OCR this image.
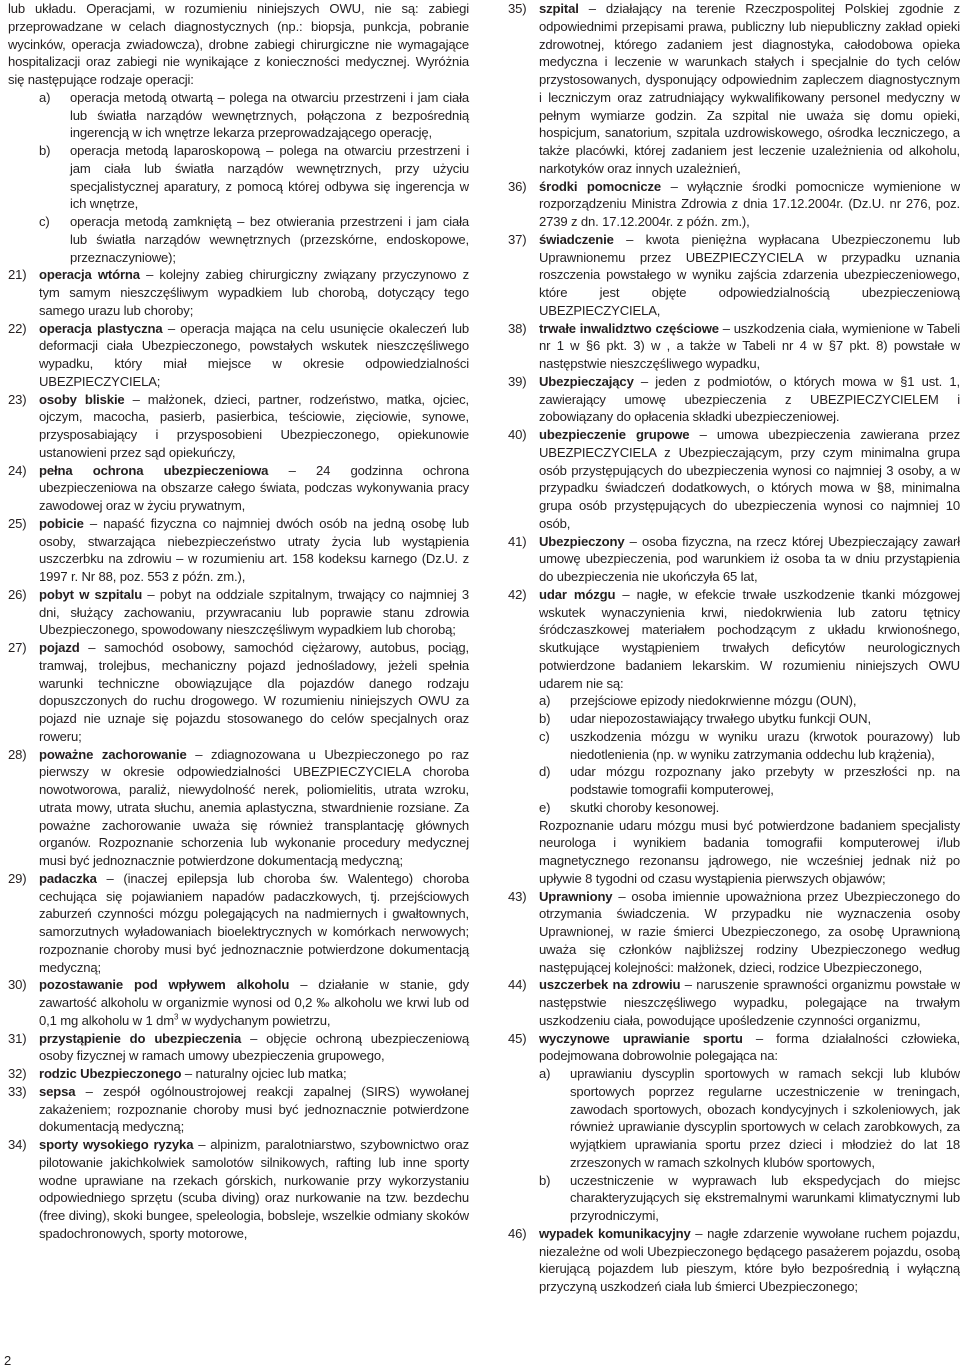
lub układu. Operacjami, w rozumieniu niniejszych OWU, nie są: zabiegi przeprowadzane w celach diagnostycznych (np.: biopsja, punkcja, pobranie wycinków, operacja zwiadowcza), drobne zabiegi chirurgiczne nie wymagające hospitalizacji oraz zabiegi nie wynikające z konieczności medycznej. Wyróżnia się następujące rodzaje operacji:

a) operacja metodą otwartą – polega na otwarciu przestrzeni i jam ciała lub światła narządów wewnętrznych, połączona z bezpośrednią ingerencją w ich wnętrze lekarza przeprowadzającego operację,

b) operacja metodą laparoskopową – polega na otwarciu przestrzeni i jam ciała lub światła narządów wewnętrznych, przy użyciu specjalistycznej aparatury, z pomocą której odbywa się ingerencja w ich wnętrze,

c) operacja metodą zamkniętą – bez otwierania przestrzeni i jam ciała lub światła narządów wewnętrznych (przezskórne, endoskopowe, przeznaczyniowe);

21) operacja wtórna – kolejny zabieg chirurgiczny związany przyczynowo z tym samym nieszczęśliwym wypadkiem lub chorobą, dotyczący tego samego urazu lub choroby;

22) operacja plastyczna – operacja mająca na celu usunięcie okaleczeń lub deformacji ciała Ubezpieczonego, powstałych wskutek nieszczęśliwego wypadku, który miał miejsce w okresie odpowiedzialności UBEZPIECZYCIELA;

23) osoby bliskie – małżonek, dzieci, partner, rodzeństwo, matka, ojciec, ojczym, macocha, pasierb, pasierbica, teściowie, zięciowie, synowe, przysposabiający i przysposobieni Ubezpieczonego, opiekunowie ustanowieni przez sąd opiekuńczy,

24) pełna ochrona ubezpieczeniowa – 24 godzinna ochrona ubezpieczeniowa na obszarze całego świata, podczas wykonywania pracy zawodowej oraz w życiu prywatnym,

25) pobicie – napaść fizyczna co najmniej dwóch osób na jedną osobę lub osoby, stwarzająca niebezpieczeństwo utraty życia lub wystąpienia uszczerbku na zdrowiu – w rozumieniu art. 158 kodeksu karnego (Dz.U. z 1997 r. Nr 88, poz. 553 z późn. zm.),

26) pobyt w szpitalu – pobyt na oddziale szpitalnym, trwający co najmniej 3 dni, służący zachowaniu, przywracaniu lub poprawie stanu zdrowia Ubezpieczonego, spowodowany nieszczęśliwym wypadkiem lub chorobą;

27) pojazd – samochód osobowy, samochód ciężarowy, autobus, pociąg, tramwaj, trolejbus, mechaniczny pojazd jednośladowy, jeżeli spełnia warunki techniczne obowiązujące dla pojazdów danego rodzaju dopuszczonych do ruchu drogowego. W rozumieniu niniejszych OWU za pojazd nie uznaje się pojazdu stosowanego do celów specjalnych oraz roweru;

28) poważne zachorowanie – zdiagnozowana u Ubezpieczonego po raz pierwszy w okresie odpowiedzialności UBEZPIECZYCIELA choroba nowotworowa, paraliż, niewydolność nerek, poliomielitis, utrata wzroku, utrata mowy, utrata słuchu, anemia aplastyczna, stwardnienie rozsiane. Za poważne zachorowanie uważa się również transplantację głównych organów. Rozpoznanie schorzenia lub wykonanie procedury medycznej musi być jednoznacznie potwierdzone dokumentacją medyczną;

29) padaczka – (inaczej epilepsja lub choroba św. Walentego) choroba cechująca się pojawianiem napadów padaczkowych, tj. przejściowych zaburzeń czynności mózgu polegających na nadmiernych i gwałtownych, samorzutnych wyładowaniach bioelektrycznych w komórkach nerwowych; rozpoznanie choroby musi być jednoznacznie potwierdzone dokumentacją medyczną;

30) pozostawanie pod wpływem alkoholu – działanie w stanie, gdy zawartość alkoholu w organizmie wynosi od 0,2 ‰ alkoholu we krwi lub od 0,1 mg alkoholu w 1 $dm^3$ w wydychanym powietrzu,

31) przystąpienie do ubezpieczenia – objęcie ochroną ubezpieczeniową osoby fizycznej w ramach umowy ubezpieczenia grupowego,

32) rodzic Ubezpieczonego – naturalny ojciec lub matka;

33) sepsa – zespół ogólnoustrojowej reakcji zapalnej (SIRS) wywołanej zakażeniem; rozpoznanie choroby musi być jednoznacznie potwierdzone dokumentacją medyczną;

34) sporty wysokiego ryzyka – alpinizm, paralotniarstwo, szybownictwo oraz pilotowanie jakichkolwiek samolotów silnikowych, rafting lub inne sporty wodne uprawiane na rzekach górskich, nurkowanie przy wykorzystaniu odpowiedniego sprzętu (scuba diving) oraz nurkowanie na tzw. bezdechu (free diving), skoki bungee, speleologia, bobsleje, wszelkie odmiany skoków spadochronowych, sporty motorowe,

35) szpital – działający na terenie Rzeczpospolitej Polskiej zgodnie z odpowiednimi przepisami prawa, publiczny lub niepubliczny zakład opieki zdrowotnej, którego zadaniem jest diagnostyka, całodobowa opieka medyczna i leczenie w warunkach stałych i specjalnie do tych celów przystosowanych, dysponujący odpowiednim zapleczem diagnostycznym i leczniczym oraz zatrudniający wykwalifikowany personel medyczny w pełnym wymiarze godzin. Za szpital nie uważa się domu opieki, hospicjum, sanatorium, szpitala uzdrowiskowego, ośrodka leczniczego, a także placówki, której zadaniem jest leczenie uzależnienia od alkoholu, narkotyków oraz innych uzależnień,

36) środki pomocnicze – wyłącznie środki pomocnicze wymienione w rozporządzeniu Ministra Zdrowia z dnia 17.12.2004r. (Dz.U. nr 276, poz. 2739 z dn. 17.12.2004r. z późn. zm.),

37) świadczenie – kwota pieniężna wypłacana Ubezpieczonemu lub Uprawnionemu przez UBEZPIECZYCIELA w przypadku uznania roszczenia powstałego w wyniku zajścia zdarzenia ubezpieczeniowego, które jest objęte odpowiedzialnością ubezpieczeniową UBEZPIECZYCIELA,

38) trwałe inwalidztwo częściowe – uszkodzenia ciała, wymienione w Tabeli nr 1 w §6 pkt. 3) w , a także w Tabeli nr 4 w §7 pkt. 8) powstałe w następstwie nieszczęśliwego wypadku,

39) Ubezpieczający – jeden z podmiotów, o których mowa w §1 ust. 1, zawierający umowę ubezpieczenia z UBEZPIECZYCIELEM i zobowiązany do opłacenia składki ubezpieczeniowej.

40) ubezpieczenie grupowe – umowa ubezpieczenia zawierana przez UBEZPIECZYCIELA z Ubezpieczającym, przy czym minimalna grupa osób przystępujących do ubezpieczenia wynosi co najmniej 3 osoby, a w przypadku świadczeń dodatkowych, o których mowa w §8, minimalna grupa osób przystępujących do ubezpieczenia wynosi co najmniej 10 osób,

41) Ubezpieczony – osoba fizyczna, na rzecz której Ubezpieczający zawarł umowę ubezpieczenia, pod warunkiem iż osoba ta w dniu przystąpienia do ubezpieczenia nie ukończyła 65 lat,

42) udar mózgu – nagłe, w efekcie trwałe uszkodzenie tkanki mózgowej wskutek wynaczynienia krwi, niedokrwienia lub zatoru tętnicy śródczaszkowej materiałem pochodzącym z układu krwionośnego, skutkujące wystąpieniem trwałych deficytów neurologicznych potwierdzone badaniem lekarskim. W rozumieniu niniejszych OWU udarem nie są:

a) przejściowe epizody niedokrwienne mózgu (OUN),

b) udar niepozostawiający trwałego ubytku funkcji OUN,

c) uszkodzenia mózgu w wyniku urazu (krwotok pourazowy) lub niedotlenienia (np. w wyniku zatrzymania oddechu lub krążenia),

d) udar mózgu rozpoznany jako przebyty w przeszłości np. na podstawie tomografii komputerowej,

e) skutki choroby kesonowej.

Rozpoznanie udaru mózgu musi być potwierdzone badaniem specjalisty neurologa i wynikiem badania tomografii komputerowej i/lub magnetycznego rezonansu jądrowego, nie wcześniej jednak niż po upływie 8 tygodni od czasu wystąpienia pierwszych objawów;

43) Uprawniony – osoba imiennie upoważniona przez Ubezpieczonego do otrzymania świadczenia. W przypadku nie wyznaczenia osoby Uprawnionej, w razie śmierci Ubezpieczonego, za osobę Uprawnioną uważa się członków najbliższej rodziny Ubezpieczonego według następującej kolejności: małżonek, dzieci, rodzice Ubezpieczonego,

44) uszczerbek na zdrowiu – naruszenie sprawności organizmu powstałe w następstwie nieszczęśliwego wypadku, polegające na trwałym uszkodzeniu ciała, powodujące upośledzenie czynności organizmu,

45) wyczynowe uprawianie sportu – forma działalności człowieka, podejmowana dobrowolnie polegająca na:

a) uprawianiu dyscyplin sportowych w ramach sekcji lub klubów sportowych poprzez regularne uczestniczenie w treningach, zawodach sportowych, obozach kondycyjnych i szkoleniowych, jak również uprawianie dyscyplin sportowych w celach zarobkowych, za wyjątkiem uprawiania sportu przez dzieci i młodzież do lat 18 zrzeszonych w ramach szkolnych klubów sportowych,

b) uczestniczenie w wyprawach lub ekspedycjach do miejsc charakteryzujących się ekstremalnymi warunkami klimatycznymi lub przyrodniczymi,

46) wypadek komunikacyjny – nagłe zdarzenie wywołane ruchem pojazdu, niezależne od woli Ubezpieczonego będącego pasażerem pojazdu, osobą kierującą pojazdem lub pieszym, które było bezpośrednią i wyłączną przyczyną uszkodzeń ciała lub śmierci Ubezpieczonego;

2
